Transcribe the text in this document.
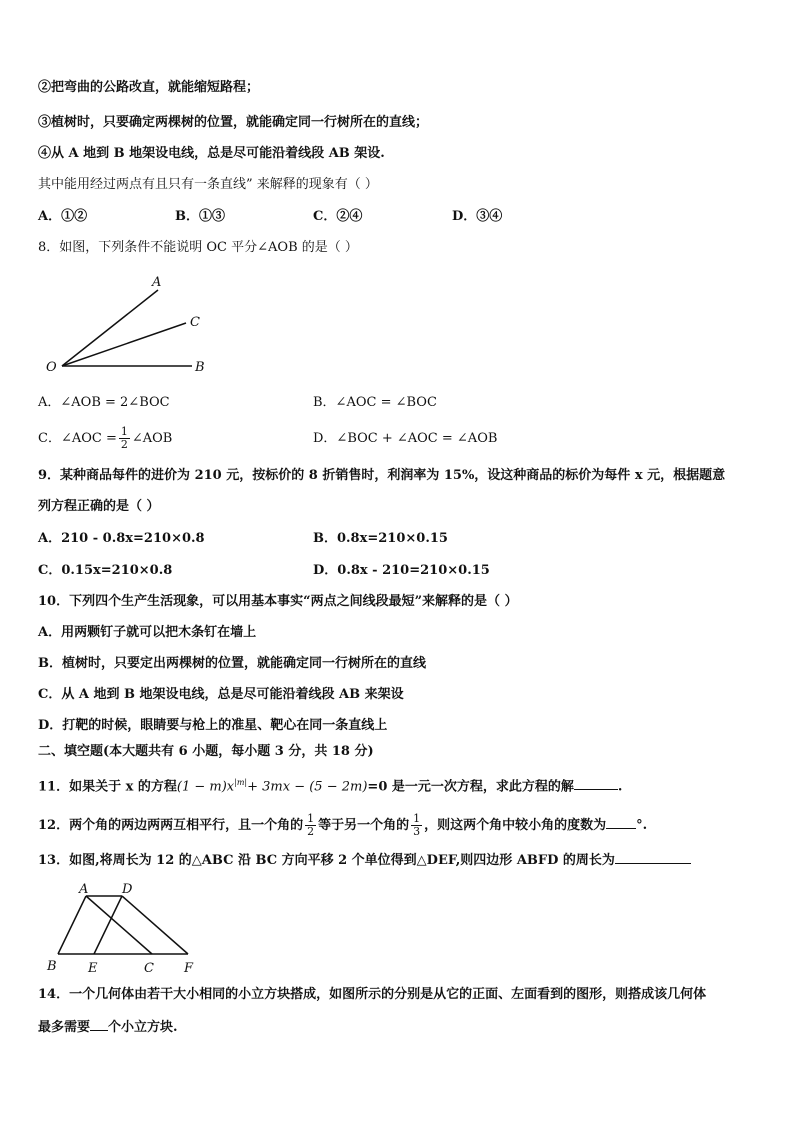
②把弯曲的公路改直，就能缩短路程；
③植树时，只要确定两棵树的位置，就能确定同一行树所在的直线；
④从 A 地到 B 地架设电线，总是尽可能沿着线段 AB 架设.
其中能用经过两点有且只有一条直线” 来解释的现象有（ ）
A．①②	B．①③	C．②④	D．③④
8．如图，下列条件不能说明 OC 平分∠AOB 的是（ ）
A
C
O	B
A．∠AOB = 2∠BOC	B．∠AOC = ∠BOC
C．∠AOC = $\frac{1}{2}$ ∠AOB	D．∠BOC + ∠AOC = ∠AOB
9．某种商品每件的进价为 210 元，按标价的 8 折销售时，利润率为 15%，设这种商品的标价为每件 x 元，根据题意
列方程正确的是（ ）
A．210 - 0.8x=210×0.8	B．0.8x=210×0.15
C．0.15x=210×0.8	D．0.8x - 210=210×0.15
10．下列四个生产生活现象，可以用基本事实“两点之间线段最短”来解释的是（ ）
A．用两颗钉子就可以把木条钉在墙上
B．植树时，只要定出两棵树的位置，就能确定同一行树所在的直线
C．从 A 地到 B 地架设电线，总是尽可能沿着线段 AB 来架设
D．打靶的时候，眼睛要与枪上的准星、靶心在同一条直线上
二、填空题(本大题共有 6 小题，每小题 3 分，共 18 分)
11．如果关于 x 的方程$(1 - m)x^{|m|}+ 3mx - (5 - 2m)=0$ 是一元一次方程，求此方程的解	.
12．两个角的两边两两互相平行，且一个角的 $\frac{1}{2}$ 等于另一个角的 $\frac{1}{3}$ ，则这两个角中较小角的度数为 °.
13．如图,将周长为 12 的△ABC 沿 BC 方向平移 2 个单位得到△DEF,则四边形 ABFD 的周长为
A	D
B E	C F
14．一个几何体由若干大小相同的小立方块搭成，如图所示的分别是从它的正面、左面看到的图形，则搭成该几何体
最多需要 个小立方块.
